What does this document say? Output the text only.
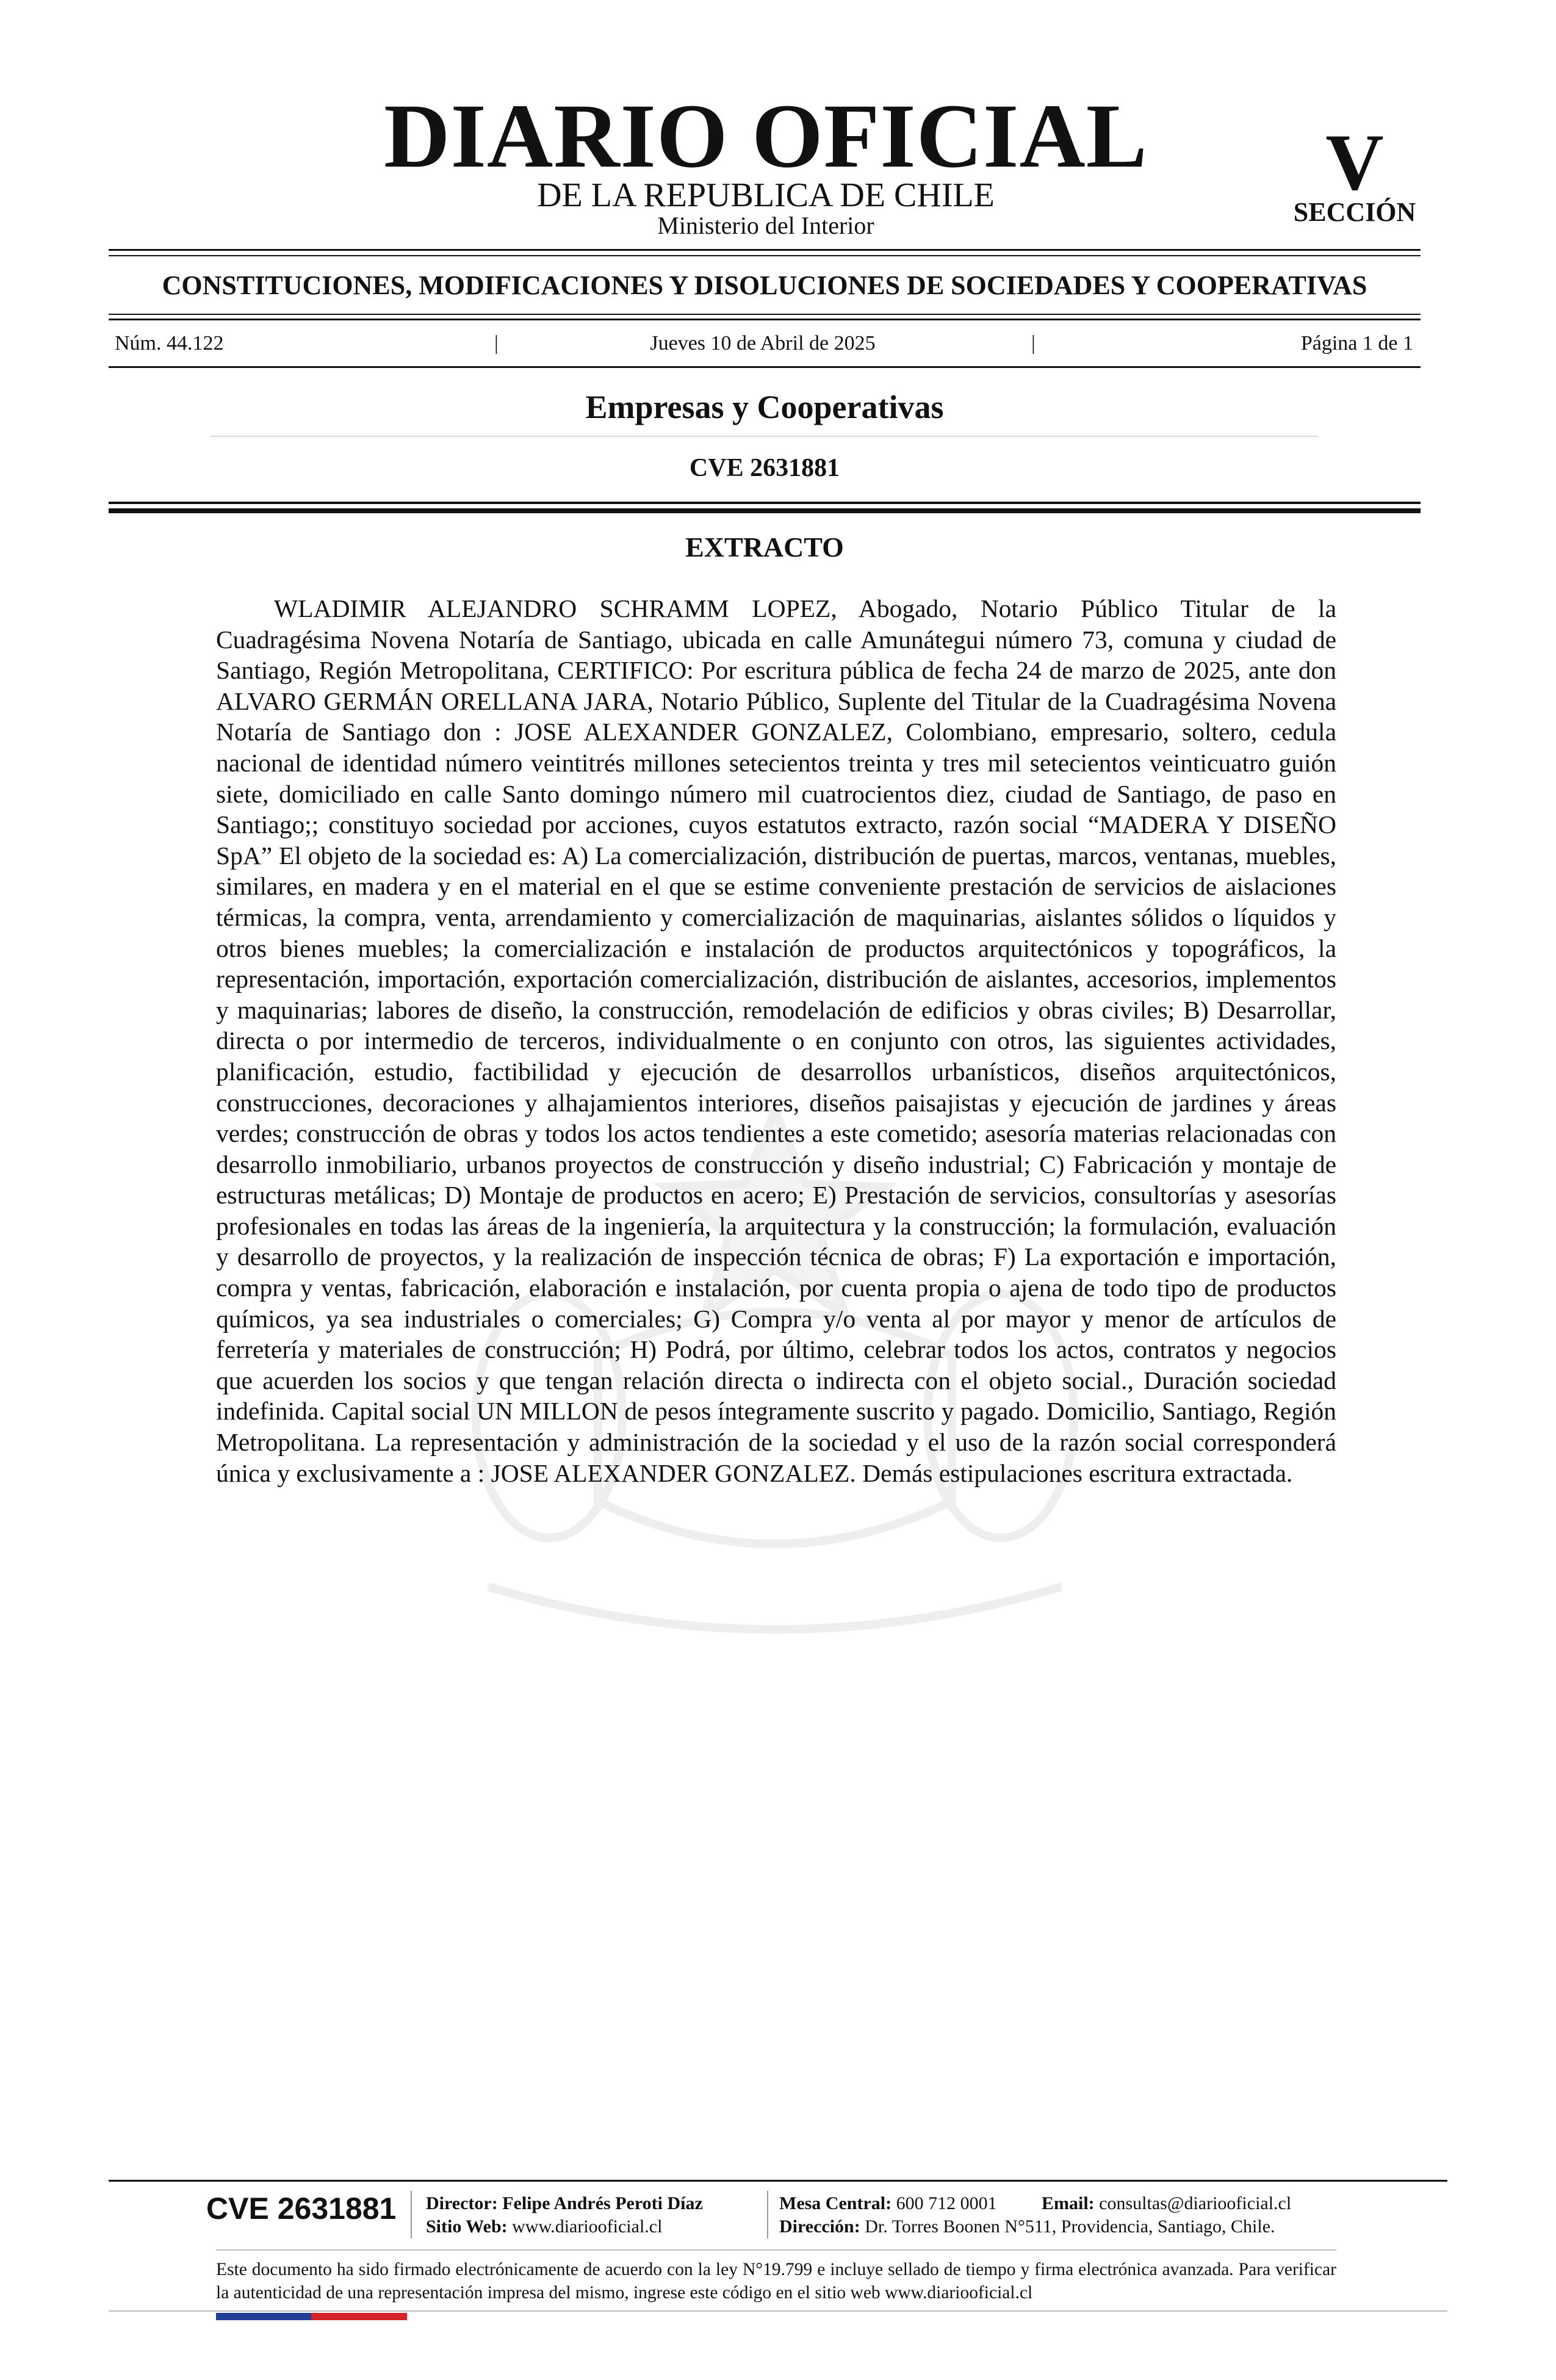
DIARIO OFICIAL
DE LA REPUBLICA DE CHILE
Ministerio del Interior
V
SECCIÓN
CONSTITUCIONES, MODIFICACIONES Y DISOLUCIONES DE SOCIEDADES Y COOPERATIVAS
Núm. 44.122	|	Jueves 10 de Abril de 2025	|	Página 1 de 1
Empresas y Cooperativas
CVE 2631881
EXTRACTO
WLADIMIR ALEJANDRO SCHRAMM LOPEZ, Abogado, Notario Público Titular de la Cuadragésima Novena Notaría de Santiago, ubicada en calle Amunátegui número 73, comuna y ciudad de Santiago, Región Metropolitana, CERTIFICO: Por escritura pública de fecha 24 de marzo de 2025, ante don ALVARO GERMÁN ORELLANA JARA, Notario Público, Suplente del Titular de la Cuadragésima Novena Notaría de Santiago don : JOSE ALEXANDER GONZALEZ, Colombiano, empresario, soltero, cedula nacional de identidad número veintitrés millones setecientos treinta y tres mil setecientos veinticuatro guión siete, domiciliado en calle Santo domingo número mil cuatrocientos diez, ciudad de Santiago, de paso en Santiago;; constituyo sociedad por acciones, cuyos estatutos extracto, razón social “MADERA Y DISEÑO SpA” El objeto de la sociedad es: A) La comercialización, distribución de puertas, marcos, ventanas, muebles, similares, en madera y en el material en el que se estime conveniente prestación de servicios de aislaciones térmicas, la compra, venta, arrendamiento y comercialización de maquinarias, aislantes sólidos o líquidos y otros bienes muebles; la comercialización e instalación de productos arquitectónicos y topográficos, la representación, importación, exportación comercialización, distribución de aislantes, accesorios, implementos y maquinarias; labores de diseño, la construcción, remodelación de edificios y obras civiles; B) Desarrollar, directa o por intermedio de terceros, individualmente o en conjunto con otros, las siguientes actividades, planificación, estudio, factibilidad y ejecución de desarrollos urbanísticos, diseños arquitectónicos, construcciones, decoraciones y alhajamientos interiores, diseños paisajistas y ejecución de jardines y áreas verdes; construcción de obras y todos los actos tendientes a este cometido; asesoría materias relacionadas con desarrollo inmobiliario, urbanos proyectos de construcción y diseño industrial; C) Fabricación y montaje de estructuras metálicas; D) Montaje de productos en acero; E) Prestación de servicios, consultorías y asesorías profesionales en todas las áreas de la ingeniería, la arquitectura y la construcción; la formulación, evaluación y desarrollo de proyectos, y la realización de inspección técnica de obras; F) La exportación e importación, compra y ventas, fabricación, elaboración e instalación, por cuenta propia o ajena de todo tipo de productos químicos, ya sea industriales o comerciales; G) Compra y/o venta al por mayor y menor de artículos de ferretería y materiales de construcción; H) Podrá, por último, celebrar todos los actos, contratos y negocios que acuerden los socios y que tengan relación directa o indirecta con el objeto social., Duración sociedad indefinida. Capital social UN MILLON de pesos íntegramente suscrito y pagado. Domicilio, Santiago, Región Metropolitana. La representación y administración de la sociedad y el uso de la razón social corresponderá única y exclusivamente a : JOSE ALEXANDER GONZALEZ. Demás estipulaciones escritura extractada.
CVE 2631881 Director: Felipe Andrés Peroti Díaz
Sitio Web: www.diariooficial.cl
Mesa Central: 600 712 0001 Email: consultas@diariooficial.cl
Dirección: Dr. Torres Boonen N°511, Providencia, Santiago, Chile.
Este documento ha sido firmado electrónicamente de acuerdo con la ley N°19.799 e incluye sellado de tiempo y firma electrónica avanzada. Para verificar la autenticidad de una representación impresa del mismo, ingrese este código en el sitio web www.diariooficial.cl
